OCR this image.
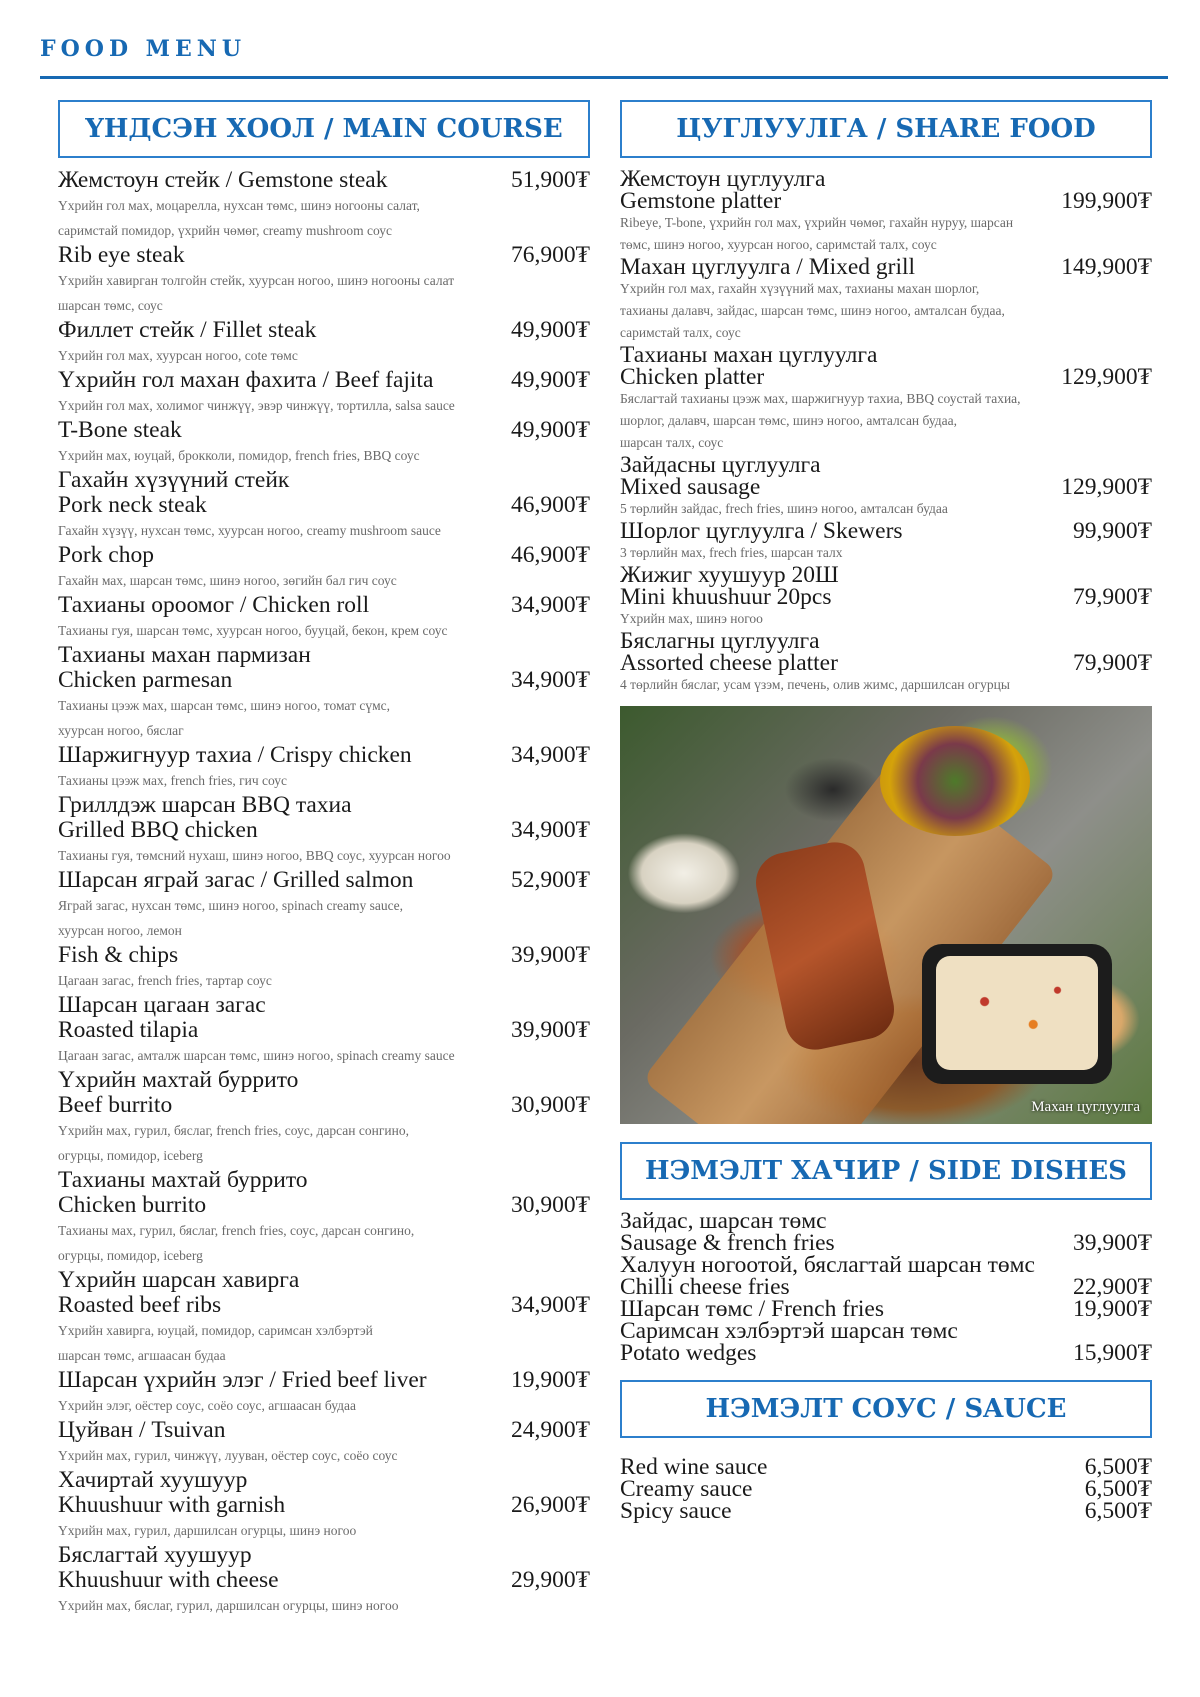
FOOD MENU
ҮНДСЭН ХООЛ / MAIN COURSE
Жемстоун стейк / Gemstone steak	51,900₮
Үхрийн гол мах, моцарелла, нухсан төмс, шинэ ногооны салат,
саримстай помидор, үхрийн чөмөг, creamy mushroom соус
Rib eye steak	76,900₮
Үхрийн хавирган толгойн стейк, хуурсан ногоо, шинэ ногооны салат
шарсан төмс, соус
Филлет стейк / Fillet steak	49,900₮
Үхрийн гол мах, хуурсан ногоо, cote төмс
Үхрийн гол махан фахита / Beef fajita	49,900₮
Үхрийн гол мах, холимог чинжүү, эвэр чинжүү, тортилла, salsa sauce
T-Bone steak	49,900₮
Үхрийн мах, юуцай, брокколи, помидор, french fries, BBQ соус
Гахайн хүзүүний стейк
Pork neck steak	46,900₮
Гахайн хүзүү, нухсан төмс, хуурсан ногоо, creamy mushroom sauce
Pork chop	46,900₮
Гахайн мах, шарсан төмс, шинэ ногоо, зөгийн бал гич соус
Тахианы ороомог / Chicken roll	34,900₮
Тахианы гуя, шарсан төмс, хуурсан ногоо, бууцай, бекон, крем соус
Тахианы махан пармизан
Chicken parmesan	34,900₮
Тахианы цээж мах, шарсан төмс, шинэ ногоо, томат сүмс,
хуурсан ногоо, бяслаг
Шаржигнуур тахиа / Crispy chicken	34,900₮
Тахианы цээж мах, french fries, гич соус
Гриллдэж шарсан BBQ тахиа
Grilled BBQ chicken	34,900₮
Тахианы гуя, төмсний нухаш, шинэ ногоо, BBQ соус, хуурсан ногоо
Шарсан ягрaй загас / Grilled salmon	52,900₮
Ягрaй загас, нухсан төмс, шинэ ногоо, spinach creamy sauce,
хуурсан ногоо, лемон
Fish & chips	39,900₮
Цагаан загас, french fries, тартар соус
Шарсан цагаан загас
Roasted tilapia	39,900₮
Цагаан загас, амталж шарсан төмс, шинэ ногоо, spinach creamy sauce
Үхрийн махтай буррито
Beef burrito	30,900₮
Үхрийн мах, гурил, бяслаг, french fries, соус, дарсан сонгино,
огурцы, помидор, iceberg
Тахианы махтай буррито
Chicken burrito	30,900₮
Тахианы мах, гурил, бяслаг, french fries, соус, дарсан сонгино,
огурцы, помидор, iceberg
Үхрийн шарсан хавирга
Roasted beef ribs	34,900₮
Үхрийн хавирга, юуцай, помидор, саримсан хэлбэртэй
шарсан төмс, агшаасан будаа
Шарсан үхрийн элэг / Fried beef liver	19,900₮
Үхрийн элэг, оёстер соус, соёо соус, агшаасан будаа
Цуйван / Tsuivan	24,900₮
Үхрийн мах, гурил, чинжүү, лууван, оёстер соус, соёо соус
Хачиртай хуушуур
Khuushuur with garnish	26,900₮
Үхрийн мах, гурил, даршилсан огурцы, шинэ ногоо
Бяслагтай хуушуур
Khuushuur with cheese	29,900₮
Үхрийн мах, бяслаг, гурил, даршилсан огурцы, шинэ ногоо
ЦУГЛУУЛГА / SHARE FOOD
Жемстоун цуглуулга
Gemstone platter	199,900₮
Ribeye, T-bone, үхрийн гол мах, үхрийн чөмөг, гахайн нуруу, шарсан
төмс, шинэ ногоо, хуурсан ногоо, саримстай талх, соус
Махан цуглуулга / Mixed grill	149,900₮
Үхрийн гол мах, гахайн хүзүүний мах, тахианы махан шорлог,
тахианы далавч, зайдас, шарсан төмс, шинэ ногоо, амталсан будаа,
саримстай талх, соус
Тахианы махан цуглуулга
Chicken platter	129,900₮
Бяслагтай тахианы цээж мах, шаржигнуур тахиа, BBQ соустай тахиа,
шорлог, далавч, шарсан төмс, шинэ ногоо, амталсан будаа,
шарсан талх, соус
Зайдасны цуглуулга
Mixed sausage	129,900₮
5 төрлийн зайдас, frech fries, шинэ ногоо, амталсан будаа
Шорлог цуглуулга / Skewers	99,900₮
3 төрлийн мах, frech fries, шарсан талх
Жижиг хуушуур 20Ш
Mini khuushuur 20pcs	79,900₮
Үхрийн мах, шинэ ногоо
Бяслагны цуглуулга
Assorted cheese platter	79,900₮
4 төрлийн бяслаг, усам үзэм, печень, олив жимс, даршилсан огурцы
Махан цуглуулга
НЭМЭЛТ ХАЧИР / SIDE DISHES
Зайдас, шарсан төмс
Sausage & french fries	39,900₮
Халуун ногоотой, бяслагтай шарсан төмс
Chilli cheese fries	22,900₮
Шарсан төмс / French fries	19,900₮
Саримсан хэлбэртэй шарсан төмс
Potato wedges	15,900₮
НЭМЭЛТ СОУС / SAUCE
Red wine sauce	6,500₮
Creamy sauce	6,500₮
Spicy sauce	6,500₮
